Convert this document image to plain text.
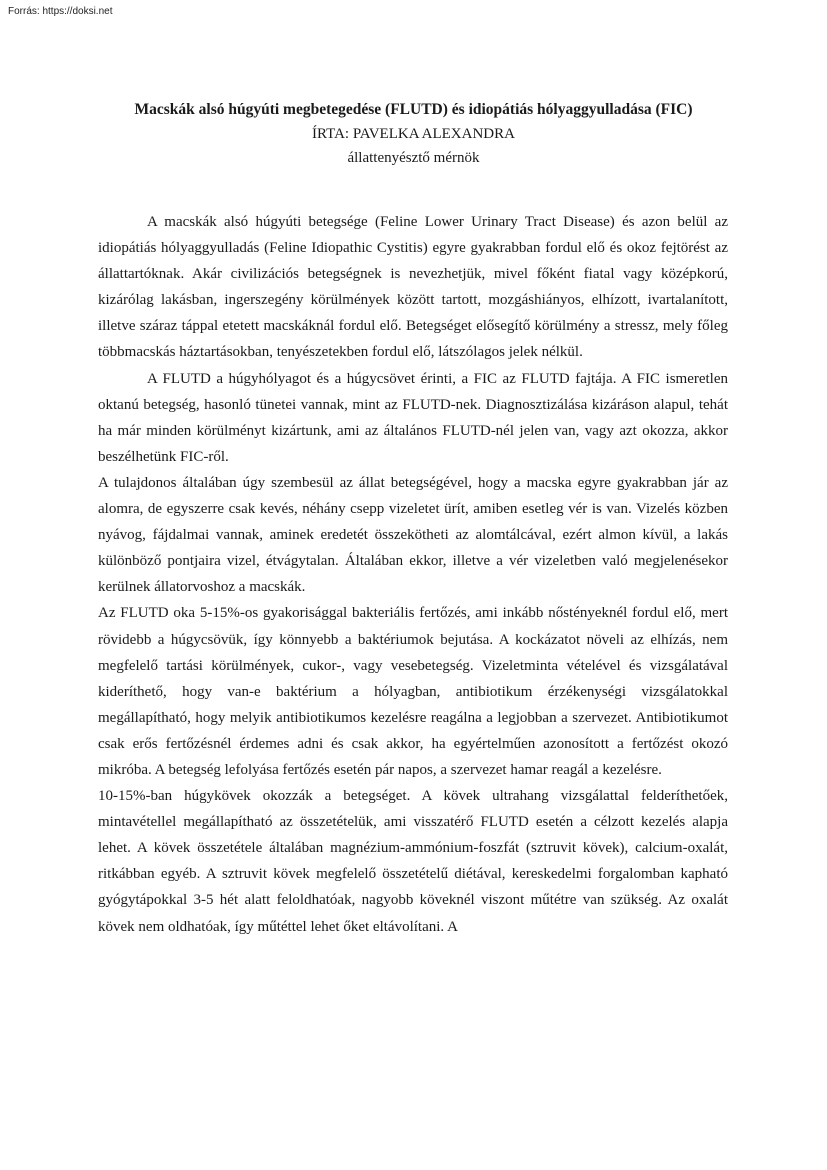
Forrás: https://doksi.net

Macskák alsó húgyúti megbetegedése (FLUTD) és idiopátiás hólyaggyulladása (FIC)

ÍRTA: PAVELKA ALEXANDRA

állattenyésztő mérnök

A macskák alsó húgyúti betegsége (Feline Lower Urinary Tract Disease) és azon belül az idiopátiás hólyaggyulladás (Feline Idiopathic Cystitis) egyre gyakrabban fordul elő és okoz fejtörést az állattartóknak. Akár civilizációs betegségnek is nevezhetjük, mivel főként fiatal vagy középkorú, kizárólag lakásban, ingerszegény körülmények között tartott, mozgáshiányos, elhízott, ivartalanított, illetve száraz táppal etetett macskáknál fordul elő. Betegséget elősegítő körülmény a stressz, mely főleg többmacskás háztartásokban, tenyészetekben fordul elő, látszólagos jelek nélkül.

A FLUTD a húgyhólyagot és a húgycsövet érinti, a FIC az FLUTD fajtája. A FIC ismeretlen oktanú betegség, hasonló tünetei vannak, mint az FLUTD-nek. Diagnosztizálása kizáráson alapul, tehát ha már minden körülményt kizártunk, ami az általános FLUTD-nél jelen van, vagy azt okozza, akkor beszélhetünk FIC-ről.

A tulajdonos általában úgy szembesül az állat betegségével, hogy a macska egyre gyakrabban jár az alomra, de egyszerre csak kevés, néhány csepp vizeletet ürít, amiben esetleg vér is van. Vizelés közben nyávog, fájdalmai vannak, aminek eredetét összekötheti az alomtálcával, ezért almon kívül, a lakás különböző pontjaira vizel, étvágytalan. Általában ekkor, illetve a vér vizeletben való megjelenésekor kerülnek állatorvoshoz a macskák.

Az FLUTD oka 5-15%-os gyakorisággal bakteriális fertőzés, ami inkább nőstényeknél fordul elő, mert rövidebb a húgycsövük, így könnyebb a baktériumok bejutása. A kockázatot növeli az elhízás, nem megfelelő tartási körülmények, cukor-, vagy vesebetegség. Vizeletminta vételével és vizsgálatával kideríthető, hogy van-e baktérium a hólyagban, antibiotikum érzékenységi vizsgálatokkal megállapítható, hogy melyik antibiotikumos kezelésre reagálna a legjobban a szervezet. Antibiotikumot csak erős fertőzésnél érdemes adni és csak akkor, ha egyértelműen azonosított a fertőzést okozó mikróba. A betegség lefolyása fertőzés esetén pár napos, a szervezet hamar reagál a kezelésre.

10-15%-ban húgykövek okozzák a betegséget. A kövek ultrahang vizsgálattal felderíthetőek, mintavétellel megállapítható az összetételük, ami visszatérő FLUTD esetén a célzott kezelés alapja lehet. A kövek összetétele általában magnézium-ammónium-foszfát (sztruvit kövek), calcium-oxalát, ritkábban egyéb. A sztruvit kövek megfelelő összetételű diétával, kereskedelmi forgalomban kapható gyógytápokkal 3-5 hét alatt feloldhatóak, nagyobb köveknél viszont műtétre van szükség. Az oxalát kövek nem oldhatóak, így műtéttel lehet őket eltávolítani. A
